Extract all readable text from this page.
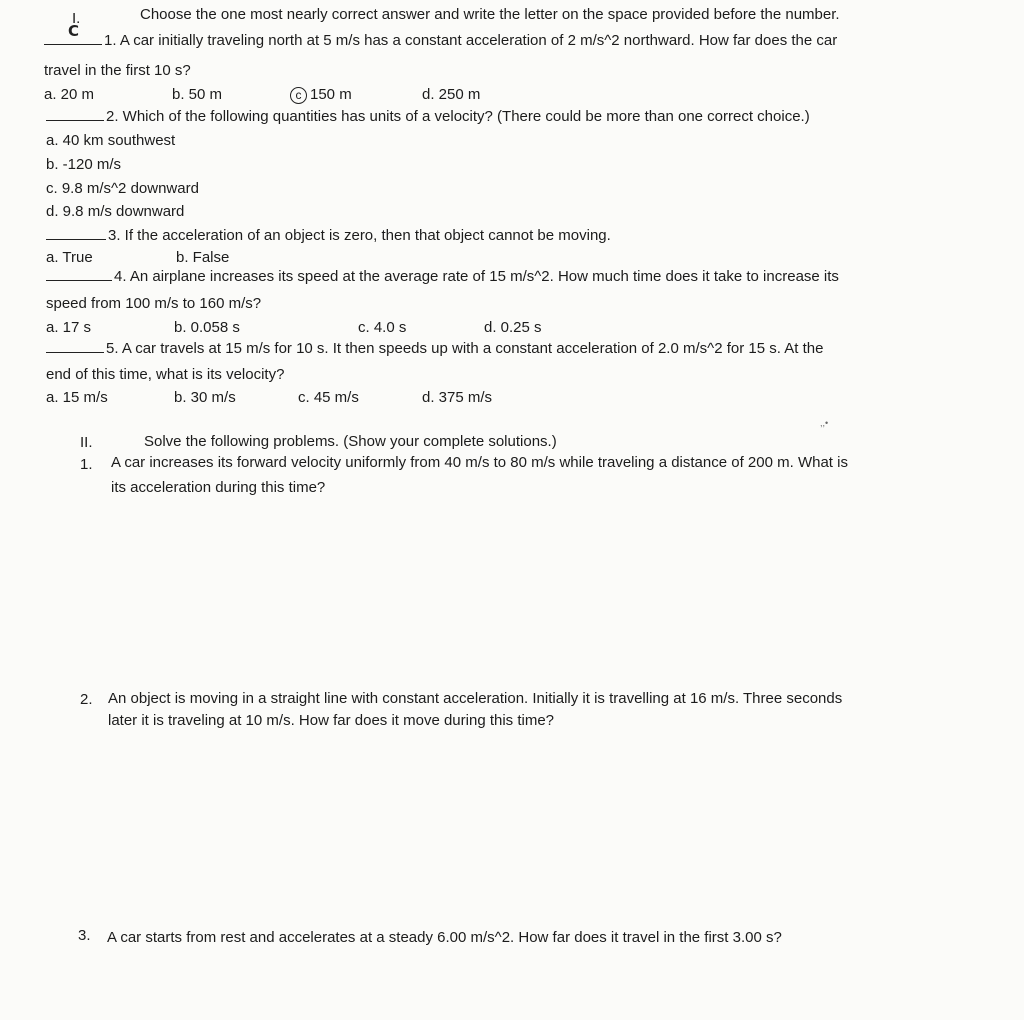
I.	Choose the one most nearly correct answer and write the letter on the space provided before the number.
C
1. A car initially traveling north at 5 m/s has a constant acceleration of 2 m/s^2 northward. How far does the car
travel in the first 10 s?
a. 20 m	b. 50 m	c 150 m	d. 250 m
2. Which of the following quantities has units of a velocity? (There could be more than one correct choice.)
a. 40 km southwest
b. -120 m/s
c. 9.8 m/s^2 downward
d. 9.8 m/s downward
3. If the acceleration of an object is zero, then that object cannot be moving.
a. True	b. False
4. An airplane increases its speed at the average rate of 15 m/s^2. How much time does it take to increase its
speed from 100 m/s to 160 m/s?
a. 17 s	b. 0.058 s	c. 4.0 s	d. 0.25 s
5. A car travels at 15 m/s for 10 s. It then speeds up with a constant acceleration of 2.0 m/s^2 for 15 s. At the
end of this time, what is its velocity?
a. 15 m/s	b. 30 m/s	c. 45 m/s	d. 375 m/s
,,•
II.	Solve the following problems. (Show your complete solutions.)
1. A car increases its forward velocity uniformly from 40 m/s to 80 m/s while traveling a distance of 200 m. What is
its acceleration during this time?
2. An object is moving in a straight line with constant acceleration. Initially it is travelling at 16 m/s. Three seconds
later it is traveling at 10 m/s. How far does it move during this time?
3. A car starts from rest and accelerates at a steady 6.00 m/s^2. How far does it travel in the first 3.00 s?
